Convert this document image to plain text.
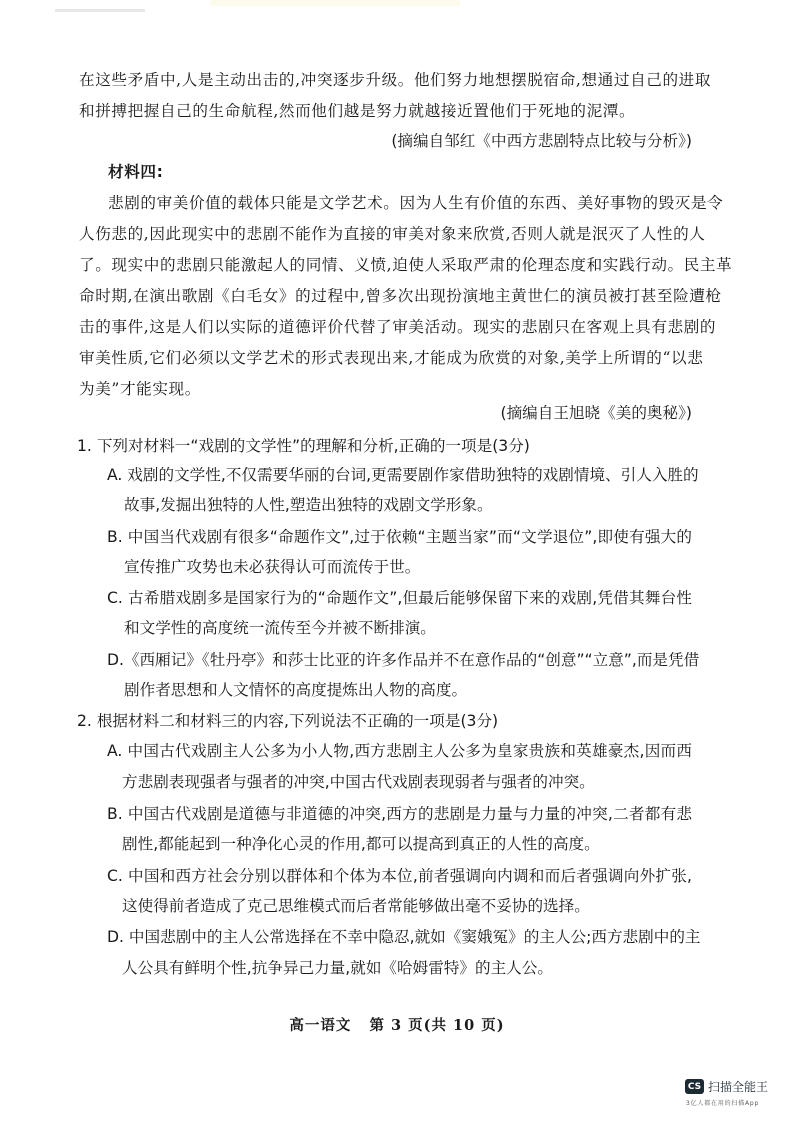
在这些矛盾中,人是主动出击的,冲突逐步升级。他们努力地想摆脱宿命,想通过自己的进取
和拼搏把握自己的生命航程,然而他们越是努力就越接近置他们于死地的泥潭。
(摘编自邹红《中西方悲剧特点比较与分析》)
材料四:
悲剧的审美价值的载体只能是文学艺术。因为人生有价值的东西、美好事物的毁灭是令
人伤悲的,因此现实中的悲剧不能作为直接的审美对象来欣赏,否则人就是泯灭了人性的人
了。现实中的悲剧只能激起人的同情、义愤,迫使人采取严肃的伦理态度和实践行动。民主革
命时期,在演出歌剧《白毛女》的过程中,曾多次出现扮演地主黄世仁的演员被打甚至险遭枪
击的事件,这是人们以实际的道德评价代替了审美活动。现实的悲剧只在客观上具有悲剧的
审美性质,它们必须以文学艺术的形式表现出来,才能成为欣赏的对象,美学上所谓的“以悲
为美”才能实现。
(摘编自王旭晓《美的奥秘》)
1. 下列对材料一“戏剧的文学性”的理解和分析,正确的一项是(3分)
A. 戏剧的文学性,不仅需要华丽的台词,更需要剧作家借助独特的戏剧情境、引人入胜的
故事,发掘出独特的人性,塑造出独特的戏剧文学形象。
B. 中国当代戏剧有很多“命题作文”,过于依赖“主题当家”而“文学退位”,即使有强大的
宣传推广攻势也未必获得认可而流传于世。
C. 古希腊戏剧多是国家行为的“命题作文”,但最后能够保留下来的戏剧,凭借其舞台性
和文学性的高度统一流传至今并被不断排演。
D.《西厢记》《牡丹亭》和莎士比亚的许多作品并不在意作品的“创意”“立意”,而是凭借
剧作者思想和人文情怀的高度提炼出人物的高度。
2. 根据材料二和材料三的内容,下列说法不正确的一项是(3分)
A. 中国古代戏剧主人公多为小人物,西方悲剧主人公多为皇家贵族和英雄豪杰,因而西
方悲剧表现强者与强者的冲突,中国古代戏剧表现弱者与强者的冲突。
B. 中国古代戏剧是道德与非道德的冲突,西方的悲剧是力量与力量的冲突,二者都有悲
剧性,都能起到一种净化心灵的作用,都可以提高到真正的人性的高度。
C. 中国和西方社会分别以群体和个体为本位,前者强调向内调和而后者强调向外扩张,
这使得前者造成了克己思维模式而后者常能够做出毫不妥协的选择。
D. 中国悲剧中的主人公常选择在不幸中隐忍,就如《窦娥冤》的主人公;西方悲剧中的主
人公具有鲜明个性,抗争异己力量,就如《哈姆雷特》的主人公。
高一语文 第 3 页(共 10 页)
CS 扫描全能王
3亿人都在用的扫描App
